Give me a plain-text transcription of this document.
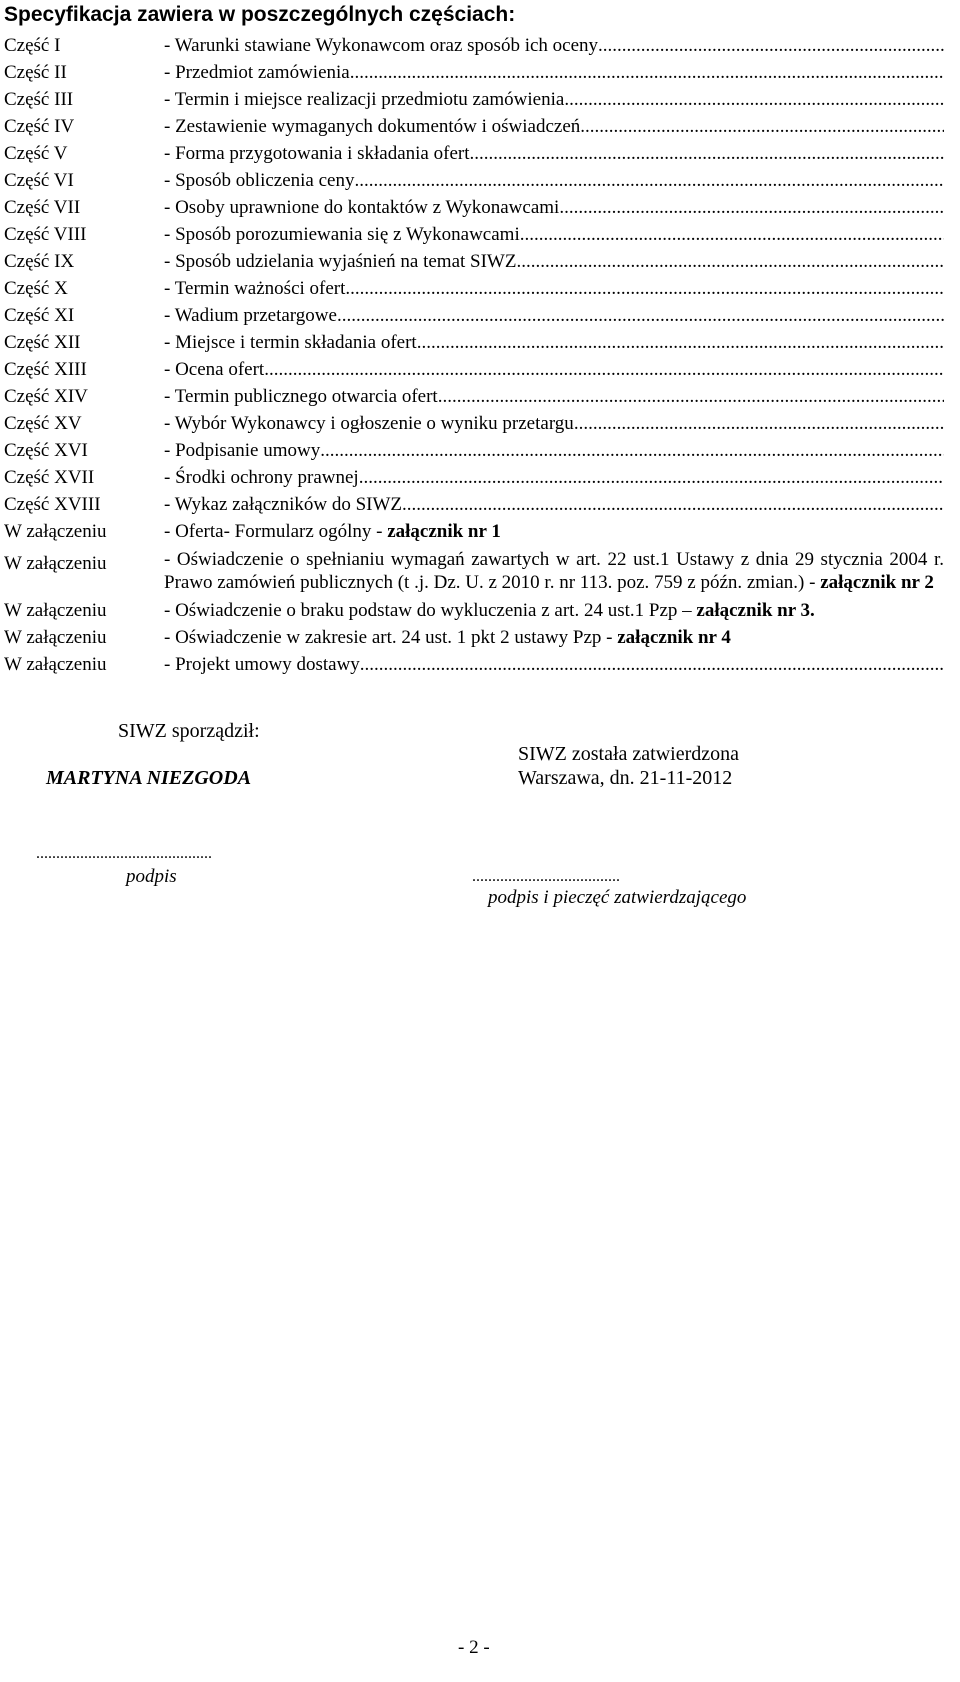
Specyfikacja zawiera w poszczególnych częściach:
Część I	- Warunki stawiane Wykonawcom oraz sposób ich oceny
.....
Część II	- Przedmiot zamówienia
.....
Część III	- Termin i miejsce realizacji przedmiotu zamówienia
.....
Część IV	- Zestawienie wymaganych dokumentów i oświadczeń
.....
Część V	- Forma przygotowania i składania ofert
.....
Część VI	- Sposób obliczenia ceny
.....
Część VII	- Osoby uprawnione do kontaktów z Wykonawcami
.....
Część VIII	- Sposób porozumiewania się z Wykonawcami
.....
Część IX	- Sposób udzielania wyjaśnień na temat SIWZ
.....
Część X	- Termin ważności ofert
.....
Część XI	- Wadium przetargowe
.....
Część XII	- Miejsce i termin składania ofert
.....
Część XIII	- Ocena ofert
.....
Część XIV	- Termin publicznego otwarcia ofert
.....
Część XV	- Wybór Wykonawcy i ogłoszenie o wyniku przetargu
.....
Część XVI	- Podpisanie umowy
.....
Część XVII	- Środki ochrony prawnej
.....
Część XVIII	- Wykaz załączników do SIWZ
.....
W załączeniu	- Oferta- Formularz ogólny - załącznik nr 1
W załączeniu	- Oświadczenie o spełnianiu wymagań zawartych w art. 22 ust.1 Ustawy z dnia 29 stycznia 2004 r. Prawo zamówień publicznych (t .j. Dz. U. z 2010 r. nr 113. poz. 759 z późn. zmian.) - załącznik nr 2
W załączeniu	- Oświadczenie o braku podstaw do wykluczenia z art. 24 ust.1 Pzp – załącznik nr 3.
W załączeniu	- Oświadczenie w zakresie art. 24 ust. 1 pkt 2 ustawy Pzp - załącznik nr 4
W załączeniu	- Projekt umowy dostawy
.....
SIWZ sporządził:
MARTYNA NIEZGODA
SIWZ została zatwierdzona
Warszawa, dn. 21-11-2012
............................................
podpis	.....................................
podpis i pieczęć zatwierdzającego
- 2 -
